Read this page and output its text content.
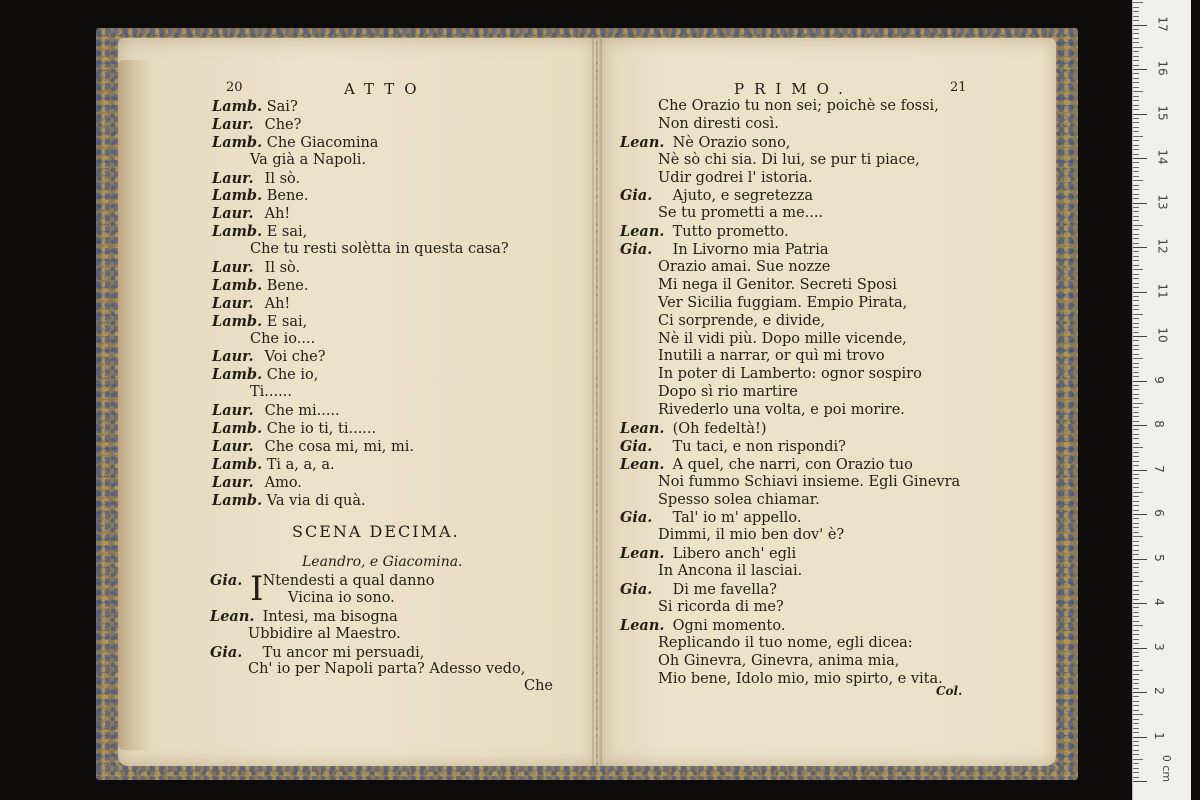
20	ATTO
Lamb. Sai?
Laur. Che?
Lamb. Che Giacomina
Va già a Napoli.
Laur. Il sò.
Lamb. Bene.
Laur. Ah!
Lamb. E sai,
Che tu resti solètta in questa casa?
Laur. Il sò.
Lamb. Bene.
Laur. Ah!
Lamb. E sai,
Che io....
Laur. Voi che?
Lamb. Che io,
Ti......
Laur. Che mi.....
Lamb. Che io ti, ti......
Laur. Che cosa mi, mi, mi.
Lamb. Ti a, a, a.
Laur. Amo.
Lamb. Va via di quà.
SCENA DECIMA.
Leandro, e Giacomina.
I
Gia. Ntendesti a qual danno
Vicina io sono.
Lean. Intesi, ma bisogna
Ubbidire al Maestro.
Gia. Tu ancor mi persuadi,
Ch' io per Napoli parta? Adesso vedo,
Che
PRIMO.	21
Che Orazio tu non sei; poichè se fossi,
Non diresti così.
Lean. Nè Orazio sono,
Nè sò chi sia. Di lui, se pur ti piace,
Udir godrei l' istoria.
Gia. Ajuto, e segretezza
Se tu prometti a me....
Lean. Tutto prometto.
Gia. In Livorno mia Patria
Orazio amai. Sue nozze
Mi nega il Genitor. Secreti Sposi
Ver Sicilia fuggiam. Empio Pirata,
Ci sorprende, e divide,
Nè il vidi più. Dopo mille vicende,
Inutili a narrar, or quì mi trovo
In poter di Lamberto: ognor sospiro
Dopo sì rio martire
Rivederlo una volta, e poi morire.
Lean. (Oh fedeltà!)
Gia. Tu taci, e non rispondi?
Lean. A quel, che narri, con Orazio tuo
Noi fummo Schiavi insieme. Egli Ginevra
Spesso solea chiamar.
Gia. Tal' io m' appello.
Dimmi, il mio ben dov' è?
Lean. Libero anch' egli
In Ancona il lasciai.
Gia. Di me favella?
Si ricorda di me?
Lean. Ogni momento.
Replicando il tuo nome, egli dicea:
Oh Ginevra, Ginevra, anima mia,
Mio bene, Idolo mio, mio spirto, e vita.
Col.
0 cm
1
2
3
4
5
6
7
8
9
10
11
12
13
14
15
16
17
